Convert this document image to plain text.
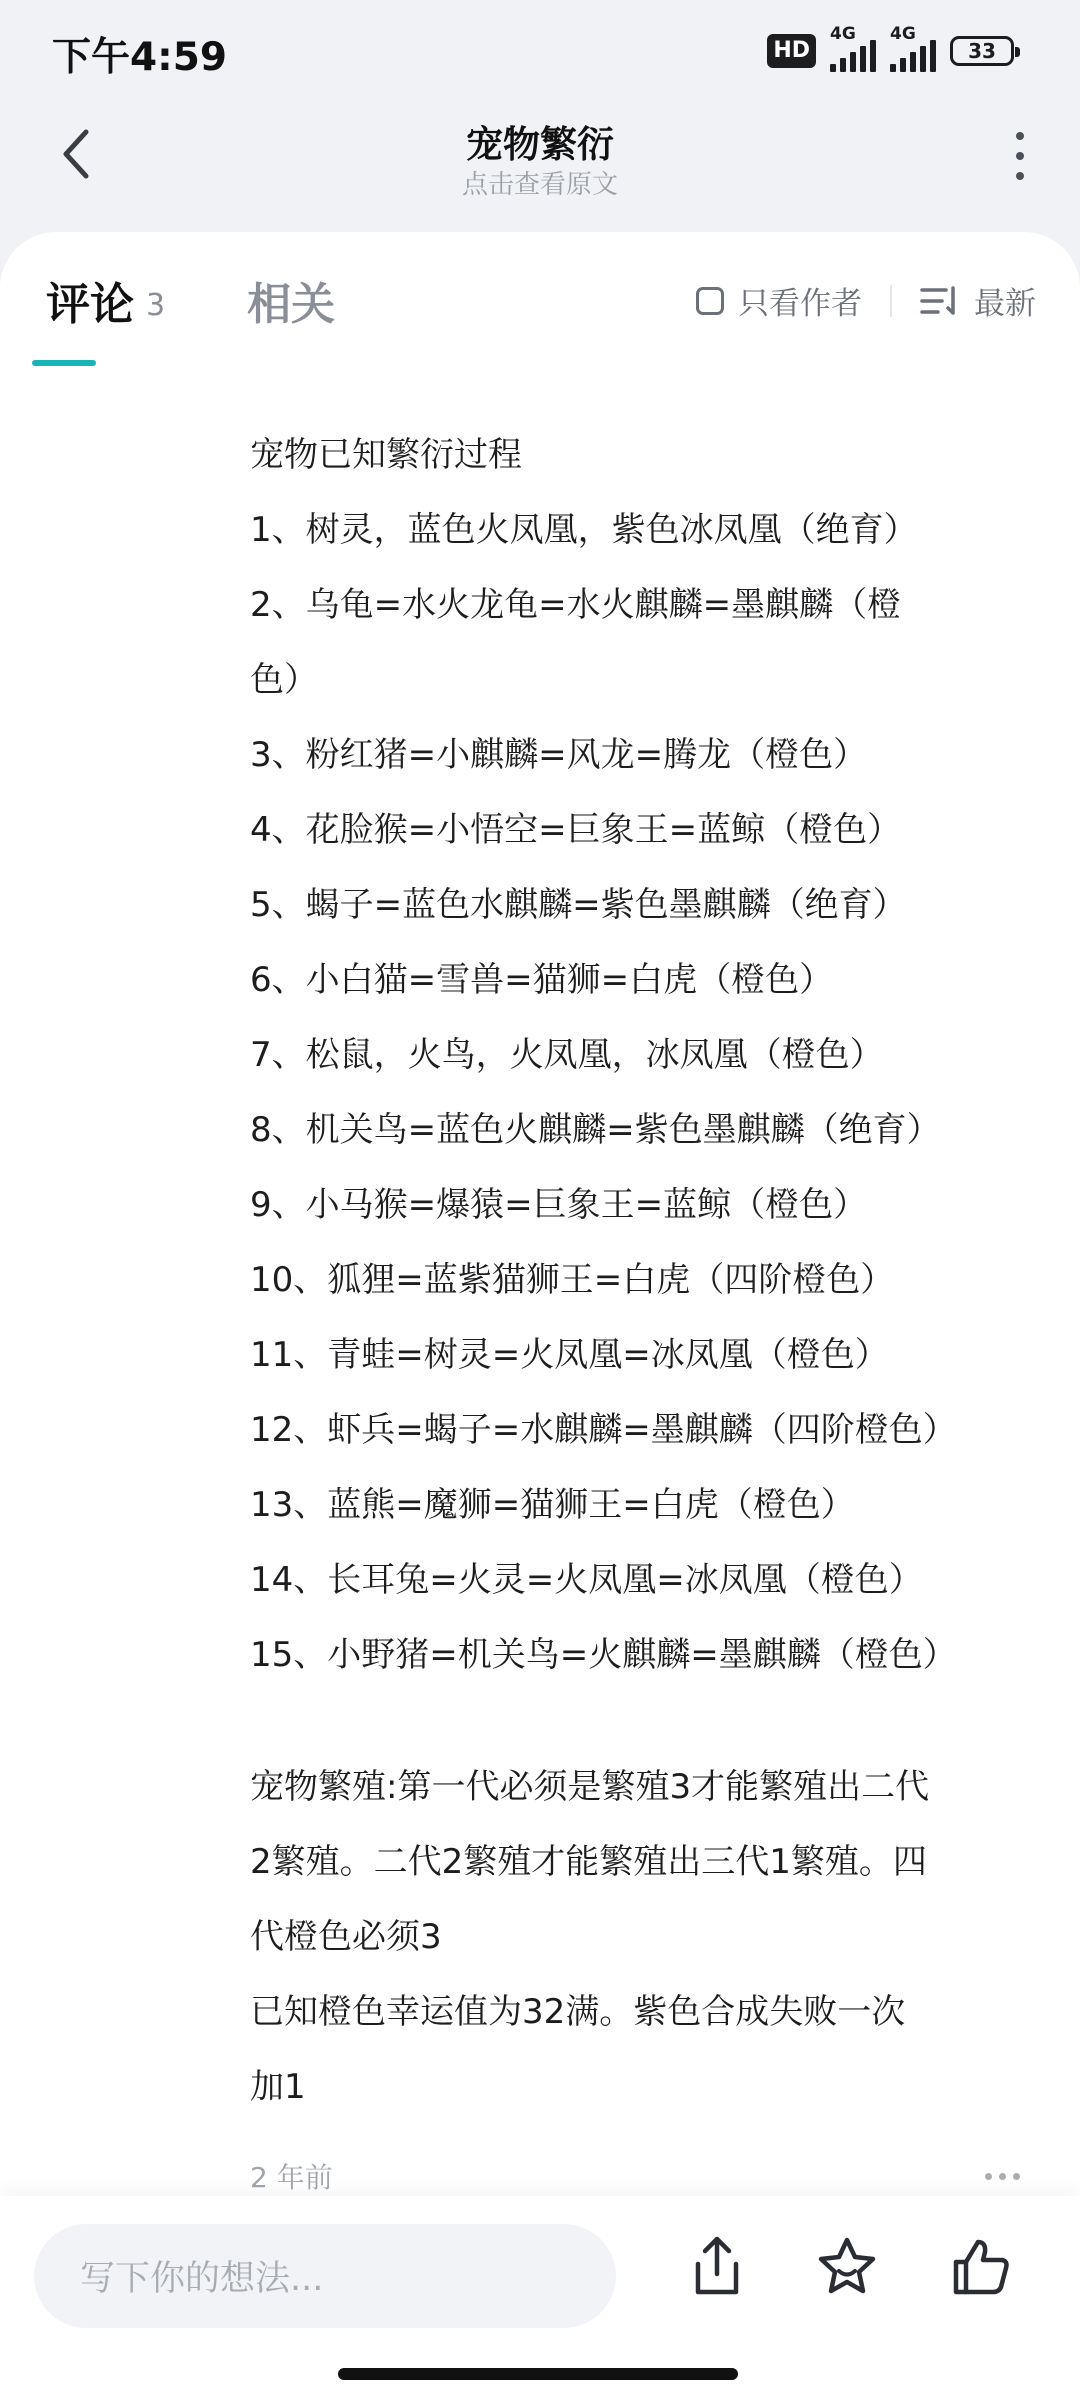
下午4:59	HD
4G 4G
33
宠物繁衍
点击查看原文
评论 3 相关	只看作者	最新

宠物已知繁衍过程

1、树灵，蓝色火凤凰，紫色冰凤凰（绝育）

2、乌龟=水火龙龟=水火麒麟=墨麒麟（橙

色）

3、粉红猪=小麒麟=风龙=腾龙（橙色）

4、花脸猴=小悟空=巨象王=蓝鲸（橙色）

5、蝎子=蓝色水麒麟=紫色墨麒麟（绝育）

6、小白猫=雪兽=猫狮=白虎（橙色）

7、松鼠，火鸟，火凤凰，冰凤凰（橙色）

8、机关鸟=蓝色火麒麟=紫色墨麒麟（绝育）

9、小马猴=爆猿=巨象王=蓝鲸（橙色）

10、狐狸=蓝紫猫狮王=白虎（四阶橙色）

11、青蛙=树灵=火凤凰=冰凤凰（橙色）

12、虾兵=蝎子=水麒麟=墨麒麟（四阶橙色）

13、蓝熊=魔狮=猫狮王=白虎（橙色）

14、长耳兔=火灵=火凤凰=冰凤凰（橙色）

15、小野猪=机关鸟=火麒麟=墨麒麟（橙色）

宠物繁殖:第一代必须是繁殖3才能繁殖出二代

2繁殖。二代2繁殖才能繁殖出三代1繁殖。四

代橙色必须3

已知橙色幸运值为32满。紫色合成失败一次

加1

2 年前
写下你的想法...
